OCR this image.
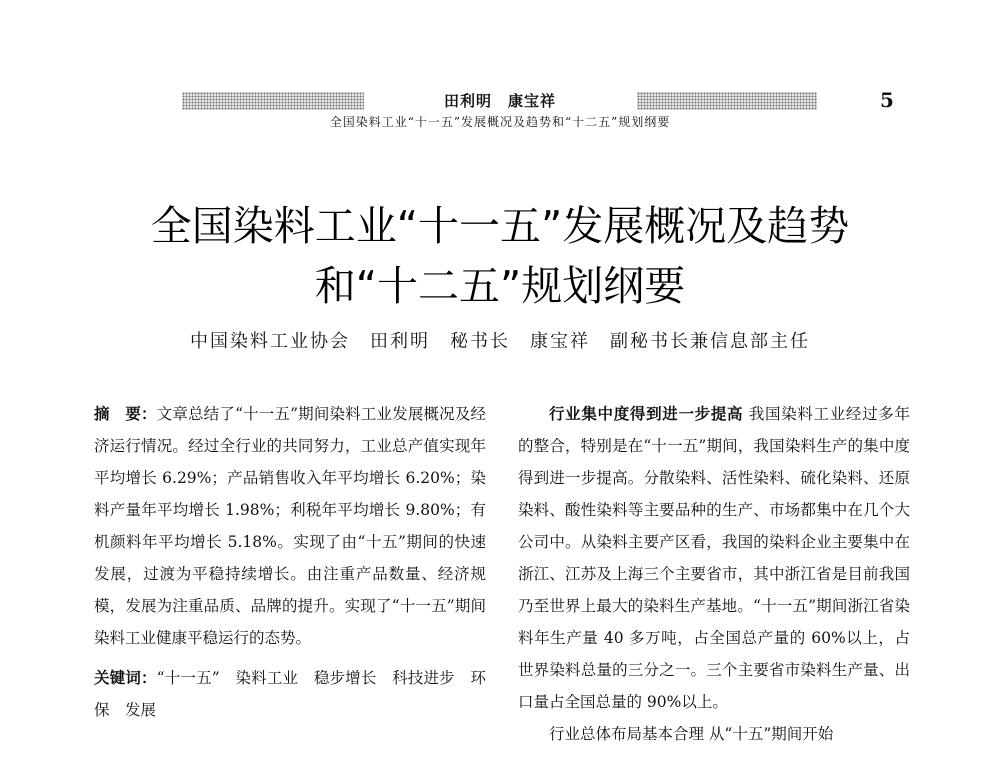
田利明　康宝祥	5
全国染料工业“十一五”发展概况及趋势和“十二五”规划纲要
全国染料工业“十一五”发展概况及趋势
和“十二五”规划纲要
中国染料工业协会　田利明　秘书长　康宝祥　副秘书长兼信息部主任

摘　要：文章总结了“十一五”期间染料工业发展概况及经济运行情况。经过全行业的共同努力，工业总产值实现年平均增长 6.29%；产品销售收入年平均增长 6.20%；染料产量年平均增长 1.98%；利税年平均增长 9.80%；有机颜料年平均增长 5.18%。实现了由“十五”期间的快速发展，过渡为平稳持续增长。由注重产品数量、经济规模，发展为注重品质、品牌的提升。实现了“十一五”期间染料工业健康平稳运行的态势。

关键词：“十一五”　染料工业　稳步增长　科技进步　环保　发展

行业集中度得到进一步提高 我国染料工业经过多年的整合，特别是在“十一五”期间，我国染料生产的集中度得到进一步提高。分散染料、活性染料、硫化染料、还原染料、酸性染料等主要品种的生产、市场都集中在几个大公司中。从染料主要产区看，我国的染料企业主要集中在浙江、江苏及上海三个主要省市，其中浙江省是目前我国乃至世界上最大的染料生产基地。“十一五”期间浙江省染料年生产量 40 多万吨，占全国总产量的 60%以上，占世界染料总量的三分之一。三个主要省市染料生产量、出口量占全国总量的 90%以上。

行业总体布局基本合理 从“十五”期间开始
